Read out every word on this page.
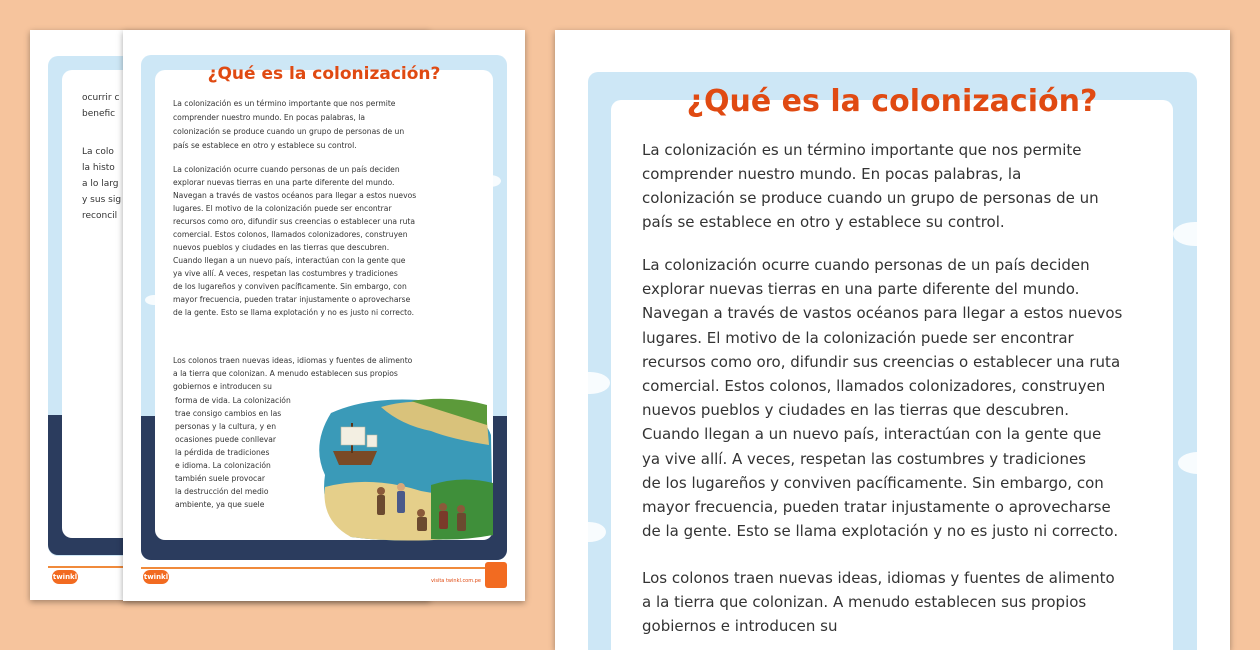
ocurrir c
benefic
La colo
la histo
a lo larg
y sus sig
reconcil
twinkl
¿Qué es la colonización?
La colonización es un término importante que nos permite
comprender nuestro mundo. En pocas palabras, la
colonización se produce cuando un grupo de personas de un
país se establece en otro y establece su control.
La colonización ocurre cuando personas de un país deciden
explorar nuevas tierras en una parte diferente del mundo.
Navegan a través de vastos océanos para llegar a estos nuevos
lugares. El motivo de la colonización puede ser encontrar
recursos como oro, difundir sus creencias o establecer una ruta
comercial. Estos colonos, llamados colonizadores, construyen
nuevos pueblos y ciudades en las tierras que descubren.
Cuando llegan a un nuevo país, interactúan con la gente que
ya vive allí. A veces, respetan las costumbres y tradiciones
de los lugareños y conviven pacíficamente. Sin embargo, con
mayor frecuencia, pueden tratar injustamente o aprovecharse
de la gente. Esto se llama explotación y no es justo ni correcto.
Los colonos traen nuevas ideas, idiomas y fuentes de alimento
a la tierra que colonizan. A menudo establecen sus propios
gobiernos e introducen su
forma de vida. La colonización
trae consigo cambios en las
personas y la cultura, y en
ocasiones puede conllevar
la pérdida de tradiciones
e idioma. La colonización
también suele provocar
la destrucción del medio
ambiente, ya que suele
twinkl	visita twinkl.com.pe
¿Qué es la colonización?
La colonización es un término importante que nos permite
comprender nuestro mundo. En pocas palabras, la
colonización se produce cuando un grupo de personas de un
país se establece en otro y establece su control.
La colonización ocurre cuando personas de un país deciden
explorar nuevas tierras en una parte diferente del mundo.
Navegan a través de vastos océanos para llegar a estos nuevos
lugares. El motivo de la colonización puede ser encontrar
recursos como oro, difundir sus creencias o establecer una ruta
comercial. Estos colonos, llamados colonizadores, construyen
nuevos pueblos y ciudades en las tierras que descubren.
Cuando llegan a un nuevo país, interactúan con la gente que
ya vive allí. A veces, respetan las costumbres y tradiciones
de los lugareños y conviven pacíficamente. Sin embargo, con
mayor frecuencia, pueden tratar injustamente o aprovecharse
de la gente. Esto se llama explotación y no es justo ni correcto.
Los colonos traen nuevas ideas, idiomas y fuentes de alimento
a la tierra que colonizan. A menudo establecen sus propios
gobiernos e introducen su
